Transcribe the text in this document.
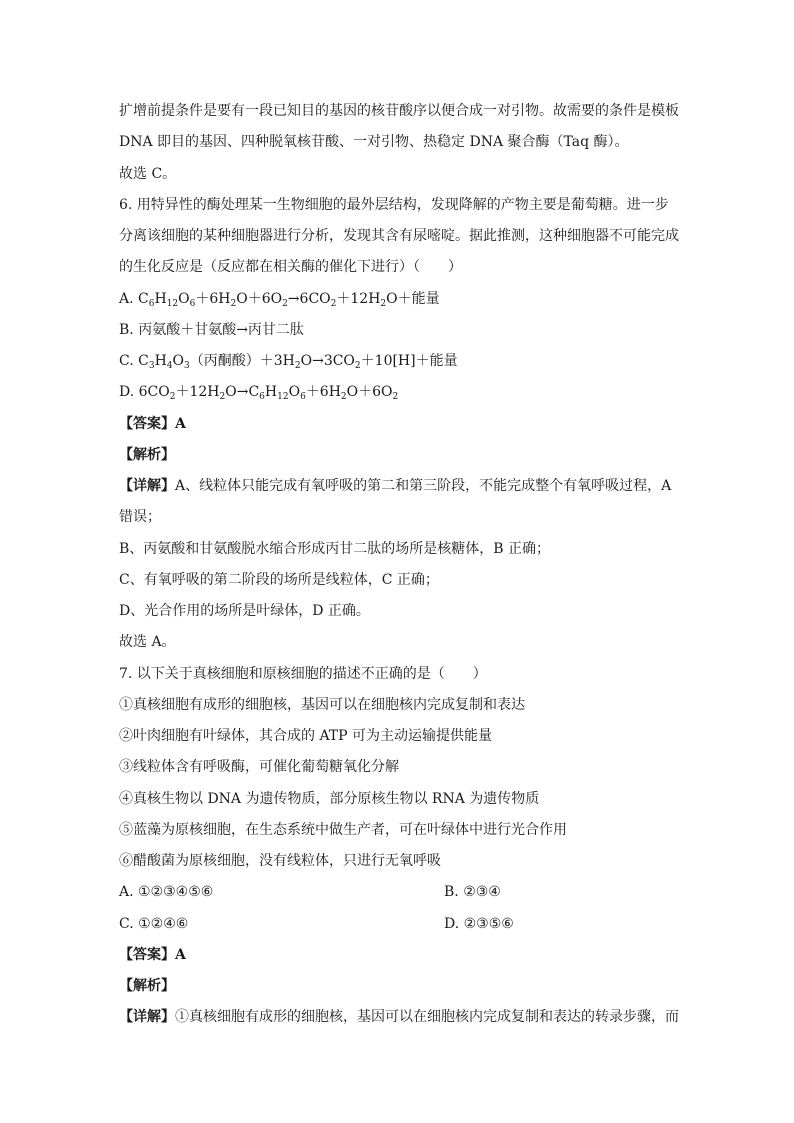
扩增前提条件是要有一段已知目的基因的核苷酸序以便合成一对引物。故需要的条件是模板
DNA 即目的基因、四种脱氧核苷酸、一对引物、热稳定 DNA 聚合酶（Taq 酶）。
故选 C。
6. 用特异性的酶处理某一生物细胞的最外层结构，发现降解的产物主要是葡萄糖。进一步
分离该细胞的某种细胞器进行分析，发现其含有尿嘧啶。据此推测，这种细胞器不可能完成
的生化反应是（反应都在相关酶的催化下进行）（　　）
A. $C_6H_{12}O_6+6H_2O+6O_2\to 6CO_2+12H_2O+$能量
B. 丙氨酸＋甘氨酸→丙甘二肽
C. $C_3H_4O_3$（丙酮酸）$+3H_2O\to 3CO_2+10[H]+$能量
D. $6CO_2+12H_2O\to C_6H_{12}O_6+6H_2O+6O_2$
【答案】A
【解析】
【详解】A、线粒体只能完成有氧呼吸的第二和第三阶段，不能完成整个有氧呼吸过程，A
错误；
B、丙氨酸和甘氨酸脱水缩合形成丙甘二肽的场所是核糖体，B 正确；
C、有氧呼吸的第二阶段的场所是线粒体，C 正确；
D、光合作用的场所是叶绿体，D 正确。
故选 A。
7. 以下关于真核细胞和原核细胞的描述不正确的是（　　）
①真核细胞有成形的细胞核，基因可以在细胞核内完成复制和表达
②叶肉细胞有叶绿体，其合成的 ATP 可为主动运输提供能量
③线粒体含有呼吸酶，可催化葡萄糖氧化分解
④真核生物以 DNA 为遗传物质，部分原核生物以 RNA 为遗传物质
⑤蓝藻为原核细胞，在生态系统中做生产者，可在叶绿体中进行光合作用
⑥醋酸菌为原核细胞，没有线粒体，只进行无氧呼吸
A. ①②③④⑤⑥	B. ②③④
C. ①②④⑥	D. ②③⑤⑥
【答案】A
【解析】
【详解】①真核细胞有成形的细胞核，基因可以在细胞核内完成复制和表达的转录步骤，而
